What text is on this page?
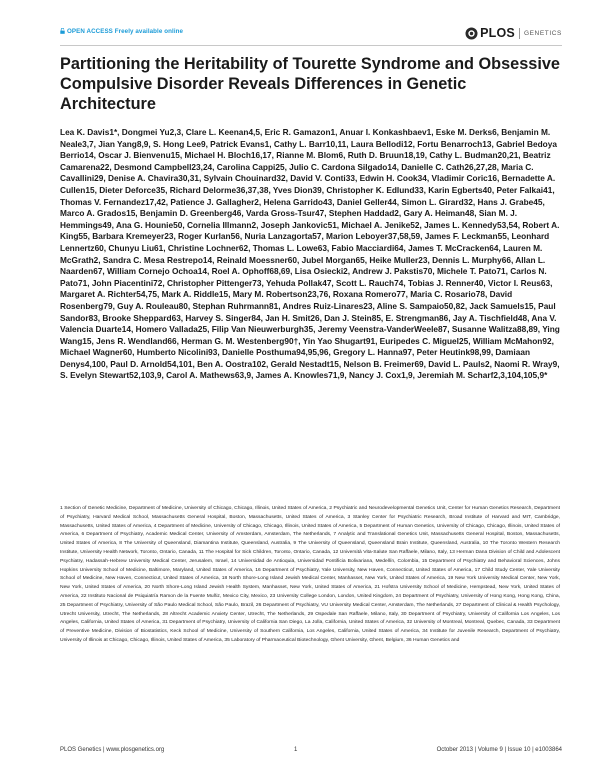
OPEN ACCESS Freely available online	PLOS GENETICS
Partitioning the Heritability of Tourette Syndrome and Obsessive Compulsive Disorder Reveals Differences in Genetic Architecture
Lea K. Davis1*, Dongmei Yu2,3, Clare L. Keenan4,5, Eric R. Gamazon1, Anuar I. Konkashbaev1, Eske M. Derks6, Benjamin M. Neale3,7, Jian Yang8,9, S. Hong Lee9, Patrick Evans1, Cathy L. Barr10,11, Laura Bellodi12, Fortu Benarroch13, Gabriel Bedoya Berrio14, Oscar J. Bienvenu15, Michael H. Bloch16,17, Rianne M. Blom6, Ruth D. Bruun18,19, Cathy L. Budman20,21, Beatriz Camarena22, Desmond Campbell23,24, Carolina Cappi25, Julio C. Cardona Silgado14, Danielle C. Cath26,27,28, Maria C. Cavallini29, Denise A. Chavira30,31, Sylvain Chouinard32, David V. Conti33, Edwin H. Cook34, Vladimir Coric16, Bernadette A. Cullen15, Dieter Deforce35, Richard Delorme36,37,38, Yves Dion39, Christopher K. Edlund33, Karin Egberts40, Peter Falkai41, Thomas V. Fernandez17,42, Patience J. Gallagher2, Helena Garrido43, Daniel Geller44, Simon L. Girard32, Hans J. Grabe45, Marco A. Grados15, Benjamin D. Greenberg46, Varda Gross-Tsur47, Stephen Haddad2, Gary A. Heiman48, Sian M. J. Hemmings49, Ana G. Hounie50, Cornelia Illmann2, Joseph Jankovic51, Michael A. Jenike52, James L. Kennedy53,54, Robert A. King55, Barbara Kremeyer23, Roger Kurlan56, Nuria Lanzagorta57, Marion Leboyer37,58,59, James F. Leckman55, Leonhard Lennertz60, Chunyu Liu61, Christine Lochner62, Thomas L. Lowe63, Fabio Macciardi64, James T. McCracken64, Lauren M. McGrath2, Sandra C. Mesa Restrepo14, Reinald Moessner60, Jubel Morgan65, Heike Muller23, Dennis L. Murphy66, Allan L. Naarden67, William Cornejo Ochoa14, Roel A. Ophoff68,69, Lisa Osiecki2, Andrew J. Pakstis70, Michele T. Pato71, Carlos N. Pato71, John Piacentini72, Christopher Pittenger73, Yehuda Pollak47, Scott L. Rauch74, Tobias J. Renner40, Victor I. Reus63, Margaret A. Richter54,75, Mark A. Riddle15, Mary M. Robertson23,76, Roxana Romero77, Maria C. Rosario78, David Rosenberg79, Guy A. Rouleau80, Stephan Ruhrmann81, Andres Ruiz-Linares23, Aline S. Sampaio50,82, Jack Samuels15, Paul Sandor83, Brooke Sheppard63, Harvey S. Singer84, Jan H. Smit26, Dan J. Stein85, E. Strengman86, Jay A. Tischfield48, Ana V. Valencia Duarte14, Homero Vallada25, Filip Van Nieuwerburgh35, Jeremy Veenstra-VanderWeele87, Susanne Walitza88,89, Ying Wang15, Jens R. Wendland66, Herman G. M. Westenberg90†, Yin Yao Shugart91, Euripedes C. Miguel25, William McMahon92, Michael Wagner60, Humberto Nicolini93, Danielle Posthuma94,95,96, Gregory L. Hanna97, Peter Heutink98,99, Damiaan Denys4,100, Paul D. Arnold54,101, Ben A. Oostra102, Gerald Nestadt15, Nelson B. Freimer69, David L. Pauls2, Naomi R. Wray9, S. Evelyn Stewart52,103,9, Carol A. Mathews63,9, James A. Knowles71,9, Nancy J. Cox1,9, Jeremiah M. Scharf2,3,104,105,9*
1 Section of Genetic Medicine, Department of Medicine, University of Chicago, Chicago, Illinois, United States of America, 2 Psychiatric and Neurodevelopmental Genetics Unit, Center for Human Genetics Research, Department of Psychiatry, Harvard Medical School, Massachusetts General Hospital, Boston, Massachusetts, United States of America, 3 Stanley Center for Psychiatric Research, Broad Institute of Harvard and MIT, Cambridge, Massachusetts, United States of America, 4 Department of Medicine, University of Chicago, Chicago, Illinois, United States of America, 5 Department of Human Genetics, University of Chicago, Chicago, Illinois, United States of America, 6 Department of Psychiatry, Academic Medical Center, University of Amsterdam, Amsterdam, The Netherlands, 7 Analytic and Translational Genetics Unit, Massachusetts General Hospital, Boston, Massachusetts, United States of America, 8 The University of Queensland, Diamantina Institute, Queensland, Australia, 9 The University of Queensland, Queensland Brain Institute, Queensland, Australia, 10 The Toronto Western Research Institute, University Health Network, Toronto, Ontario, Canada, 11 The Hospital for Sick Children, Toronto, Ontario, Canada, 12 Università Vita-Salute San Raffaele, Milano, Italy, 13 Herman Dana Division of Child and Adolescent Psychiatry, Hadassah-Hebrew University Medical Center, Jerusalem, Israel, 14 Universidad de Antioquia, Universidad Pontificia Bolivariana, Medellín, Colombia, 15 Department of Psychiatry and Behavioral Sciences, Johns Hopkins University School of Medicine, Baltimore, Maryland, United States of America, 16 Department of Psychiatry, Yale University, New Haven, Connecticut, United States of America, 17 Child Study Center, Yale University School of Medicine, New Haven, Connecticut, United States of America, 18 North Shore-Long Island Jewish Medical Center, Manhasset, New York, United States of America, 19 New York University Medical Center, New York, New York, United States of America, 20 North Shore-Long Island Jewish Health System, Manhasset, New York, United States of America, 21 Hofstra University School of Medicine, Hempstead, New York, United States of America, 22 Instituto Nacional de Psiquiatría Ramon de la Fuente Muñiz, Mexico City, Mexico, 23 University College London, London, United Kingdom, 24 Department of Psychiatry, University of Hong Kong, Hong Kong, China, 25 Department of Psychiatry, University of São Paulo Medical School, São Paulo, Brazil, 26 Department of Psychiatry, VU University Medical Center, Amsterdam, The Netherlands, 27 Department of Clinical & Health Psychology, Utrecht University, Utrecht, The Netherlands, 28 Altrecht Academic Anxiety Center, Utrecht, The Netherlands, 29 Ospedale San Raffaele, Milano, Italy, 30 Department of Psychiatry, University of California Los Angeles, Los Angeles, California, United States of America, 31 Department of Psychiatry, University of California San Diego, La Jolla, California, United States of America, 32 University of Montreal, Montreal, Quebec, Canada, 33 Department of Preventive Medicine, Division of Biostatistics, Keck School of Medicine, University of Southern California, Los Angeles, California, United States of America, 34 Institute for Juvenile Research, Department of Psychiatry, University of Illinois at Chicago, Chicago, Illinois, United States of America, 35 Laboratory of Pharmaceutical Biotechnology, Ghent University, Ghent, Belgium, 36 Human Genetics and
PLOS Genetics | www.plosgenetics.org	1	October 2013 | Volume 9 | Issue 10 | e1003864
